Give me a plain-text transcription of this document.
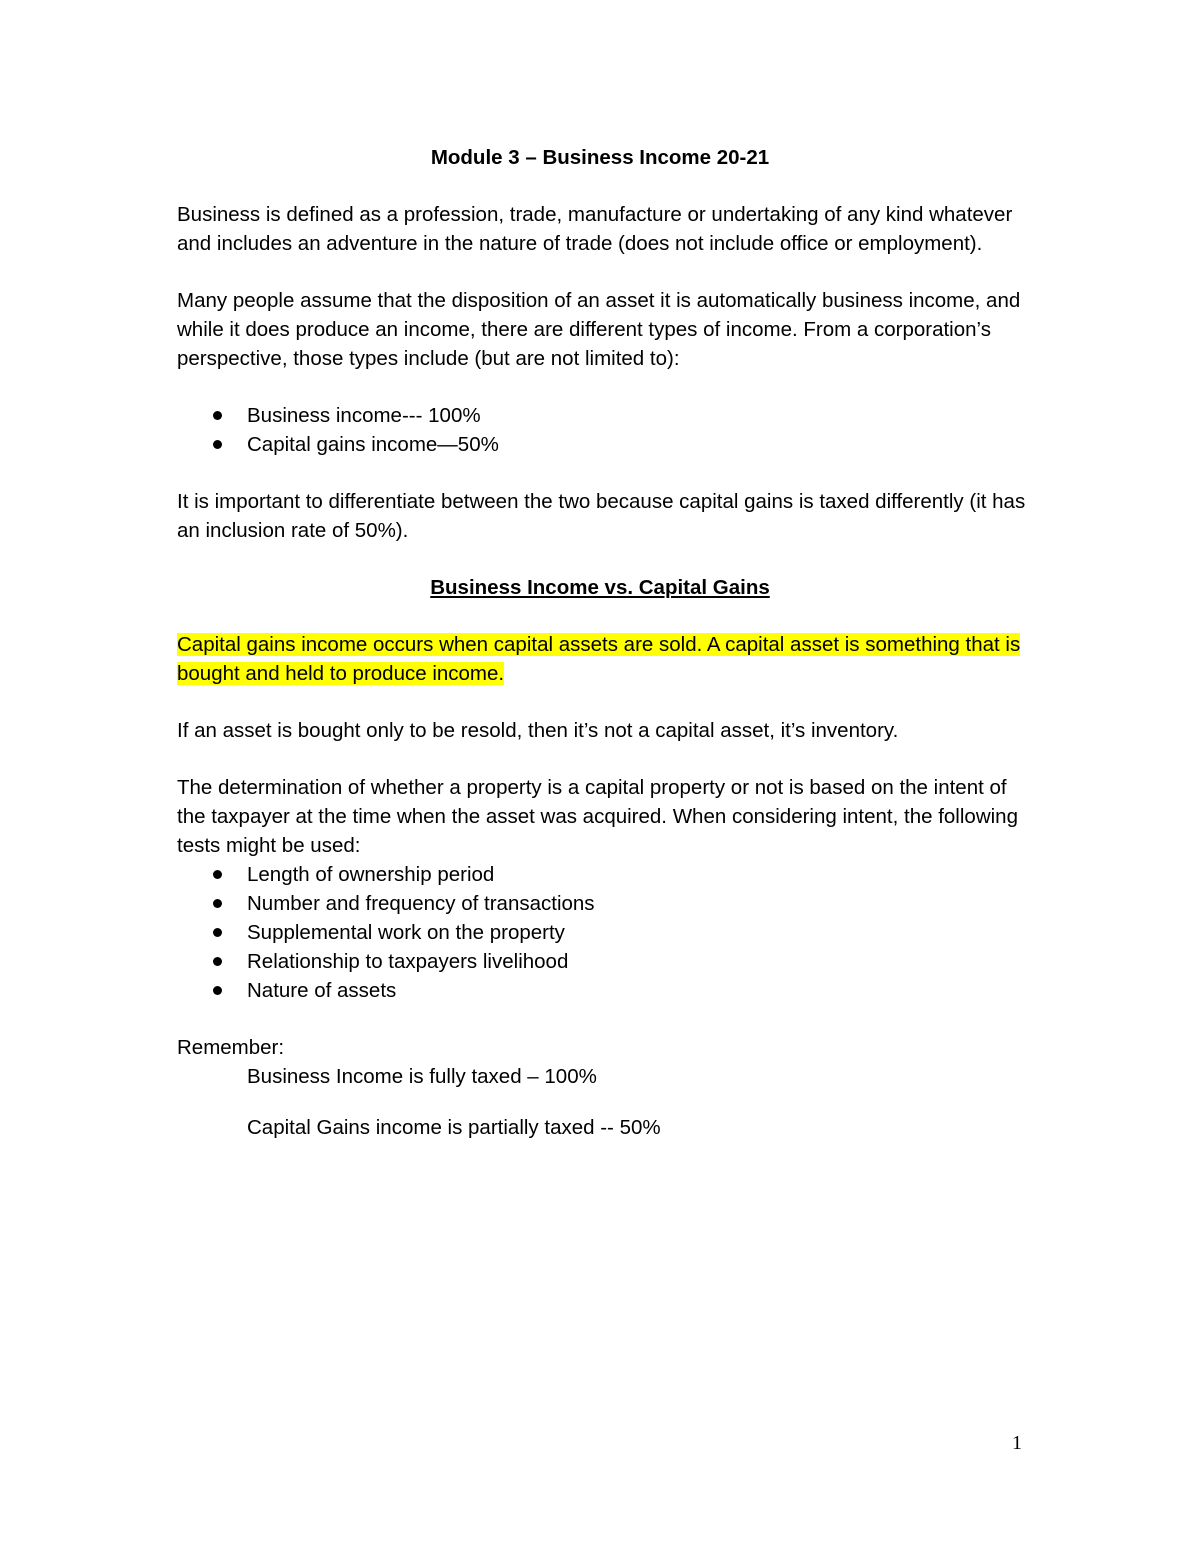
Module 3 – Business Income 20-21

Business is defined as a profession, trade, manufacture or undertaking of any kind whatever and includes an adventure in the nature of trade (does not include office or employment).

Many people assume that the disposition of an asset it is automatically business income, and while it does produce an income, there are different types of income. From a corporation’s perspective, those types include (but are not limited to):

Business income--- 100%
Capital gains income—50%

It is important to differentiate between the two because capital gains is taxed differently (it has an inclusion rate of 50%).

Business Income vs. Capital Gains

Capital gains income occurs when capital assets are sold. A capital asset is something that is bought and held to produce income.

If an asset is bought only to be resold, then it’s not a capital asset, it’s inventory.

The determination of whether a property is a capital property or not is based on the intent of the taxpayer at the time when the asset was acquired. When considering intent, the following tests might be used:

Length of ownership period
Number and frequency of transactions
Supplemental work on the property
Relationship to taxpayers livelihood
Nature of assets

Remember:

Business Income is fully taxed – 100%

Capital Gains income is partially taxed -- 50%

1
